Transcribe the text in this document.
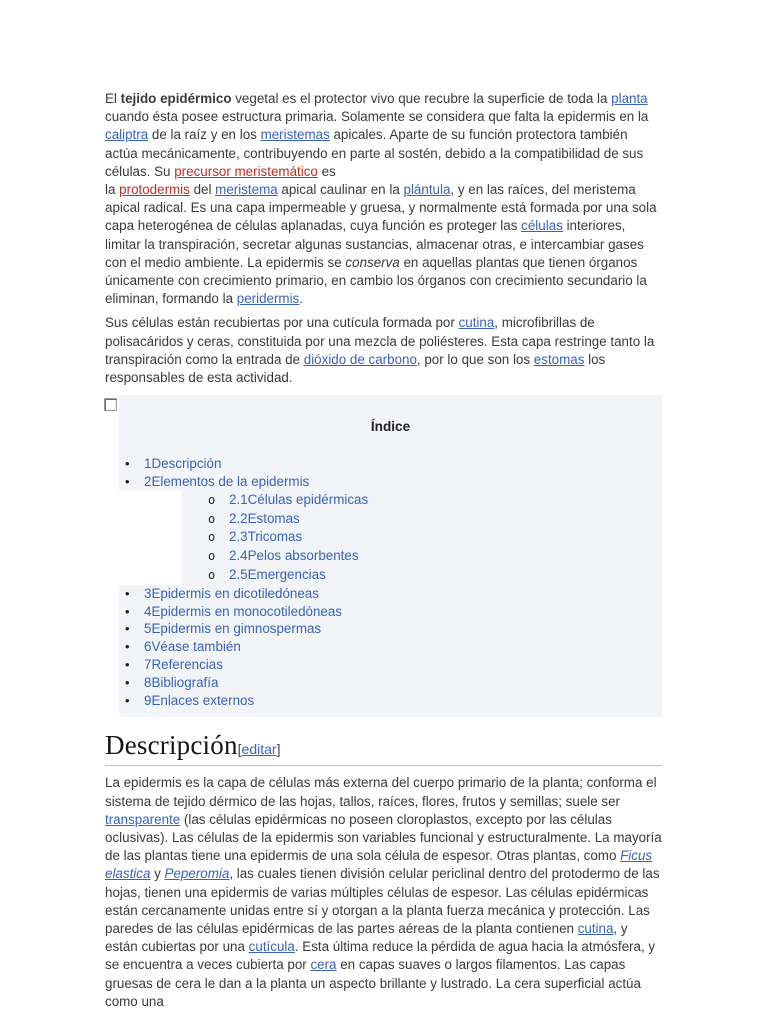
El tejido epidérmico vegetal es el protector vivo que recubre la superficie de toda la planta cuando ésta posee estructura primaria. Solamente se considera que falta la epidermis en la caliptra de la raíz y en los meristemas apicales. Aparte de su función protectora también actúa mecánicamente, contribuyendo en parte al sostén, debido a la compatibilidad de sus células. Su precursor meristemático es
la protodermis del meristema apical caulinar en la plántula, y en las raíces, del meristema apical radical. Es una capa impermeable y gruesa, y normalmente está formada por una sola capa heterogénea de células aplanadas, cuya función es proteger las células interiores, limitar la transpiración, secretar algunas sustancias, almacenar otras, e intercambiar gases con el medio ambiente. La epidermis se conserva en aquellas plantas que tienen órganos únicamente con crecimiento primario, en cambio los órganos con crecimiento secundario la eliminan, formando la peridermis.

Sus células están recubiertas por una cutícula formada por cutina, microfibrillas de polisacáridos y ceras, constituida por una mezcla de poliésteres. Esta capa restringe tanto la transpiración como la entrada de dióxido de carbono, por lo que son los estomas los responsables de esta actividad.

Índice
• 1Descripción
• 2Elementos de la epidermis
o 2.1Células epidérmicas
o 2.2Estomas
o 2.3Tricomas
o 2.4Pelos absorbentes
o 2.5Emergencias
• 3Epidermis en dicotiledóneas
• 4Epidermis en monocotiledóneas
• 5Epidermis en gimnospermas
• 6Véase también
• 7Referencias
• 8Bibliografía
• 9Enlaces externos
Descripción[editar]

La epidermis es la capa de células más externa del cuerpo primario de la planta; conforma el sistema de tejido dérmico de las hojas, tallos, raíces, flores, frutos y semillas; suele ser transparente (las células epidérmicas no poseen cloroplastos, excepto por las células oclusivas). Las células de la epidermis son variables funcional y estructuralmente. La mayoría de las plantas tiene una epidermis de una sola célula de espesor. Otras plantas, como Ficus elastica y Peperomia, las cuales tienen división celular periclinal dentro del protodermo de las hojas, tienen una epidermis de varias múltiples células de espesor. Las células epidérmicas están cercanamente unidas entre sí y otorgan a la planta fuerza mecánica y protección. Las paredes de las células epidérmicas de las partes aéreas de la planta contienen cutina, y están cubiertas por una cutícula. Esta última reduce la pérdida de agua hacia la atmósfera, y se encuentra a veces cubierta por cera en capas suaves o largos filamentos. Las capas gruesas de cera le dan a la planta un aspecto brillante y lustrado. La cera superficial actúa como una
